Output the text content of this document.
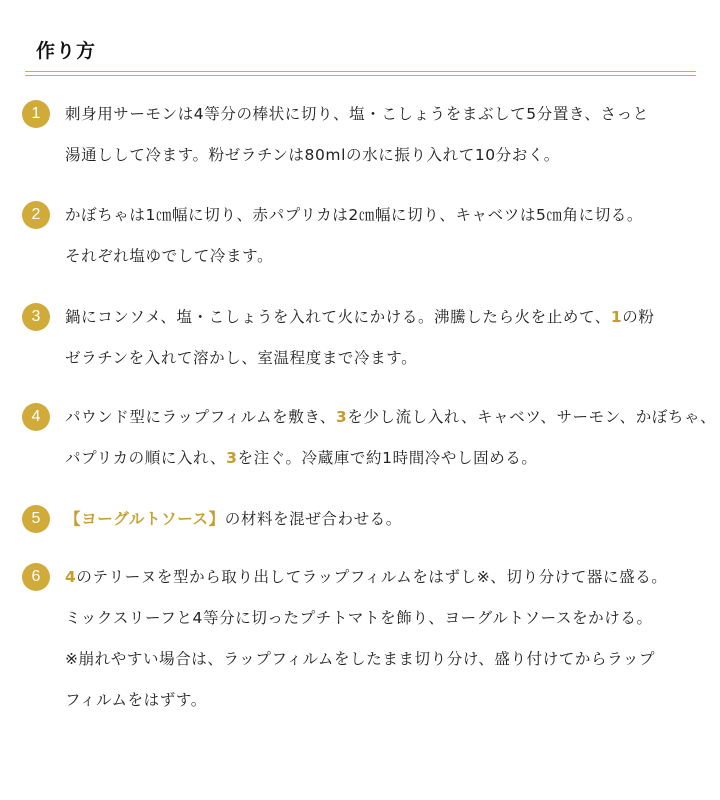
作り方
1	刺身用サーモンは4等分の棒状に切り、塩・こしょうをまぶして5分置き、さっと
湯通しして冷ます。粉ゼラチンは80mlの水に振り入れて10分おく。
2	かぼちゃは1㎝幅に切り、赤パプリカは2㎝幅に切り、キャベツは5㎝角に切る。
それぞれ塩ゆでして冷ます。
3	鍋にコンソメ、塩・こしょうを入れて火にかける。沸騰したら火を止めて、1の粉
ゼラチンを入れて溶かし、室温程度まで冷ます。
4	パウンド型にラップフィルムを敷き、3を少し流し入れ、キャベツ、サーモン、かぼちゃ、
パプリカの順に入れ、3を注ぐ。冷蔵庫で約1時間冷やし固める。
5	【ヨーグルトソース】の材料を混ぜ合わせる。
6	4のテリーヌを型から取り出してラップフィルムをはずし※、切り分けて器に盛る。
ミックスリーフと4等分に切ったプチトマトを飾り、ヨーグルトソースをかける。
※崩れやすい場合は、ラップフィルムをしたまま切り分け、盛り付けてからラップ
フィルムをはずす。
